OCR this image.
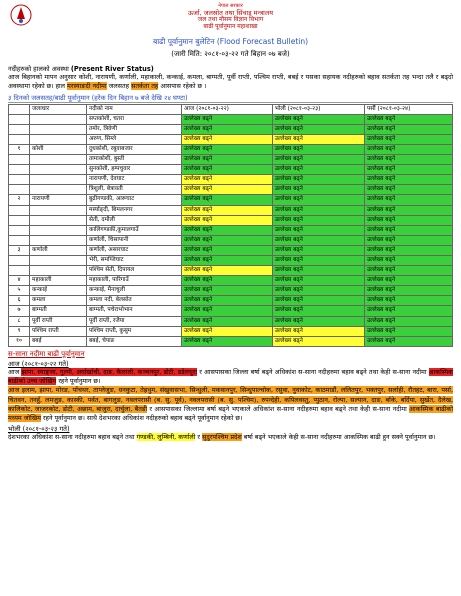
नेपाल सरकार
ऊर्जा, जलस्रोत तथा सिंचाइ मन्त्रालय
जल तथा मौसम विज्ञान विभाग
बाढी पूर्वानुमान महाशाखा
बाढी पूर्वानुमान बुलेटिन (Flood Forecast Bulletin)
(जारी मिति: २०८१-०३-२२ गते बिहान ०७ बजे)
नदीहरुको हालको अवस्था (Present River Status)
आज बिहानको मापन अनुसार कोशी, नारायणी, कर्णाली, महाकाली, कन्काई, कमला, बाग्मती, पूर्वी राप्ती, पश्चिम राप्ती, बबई र यसका सहायक नदीहरुको बहाव सतर्कता तह भन्दा तलै र बढ्दो अवस्थामा रहेको छ। हाल मरस्याङदी नदीमा जलसतह सतर्कता तह आसपास रहेको छ ।
३ दिनको जलसतह/बाढी पूर्वानुमान (हरेक दिन बिहान ७ बजे देखि २४ घण्टा)
	जलाधार	नदीको नाम	आज (२०८१-०३-२२)	भोली (२०८१-०३-२३)	पर्सी (२०८१-०३-२४)
		सप्तकोशी, चतरा	उल्लेख्य बढ्ने	उल्लेख्य बढ्ने	उल्लेख्य बढ्ने
		तमोर, त्रिवेणी	उल्लेख्य बढ्ने	उल्लेख्य बढ्ने	उल्लेख्य बढ्ने
		अरुण, सिम्ले	उल्लेख्य बढ्ने	उल्लेख्य बढ्ने	उल्लेख्य बढ्ने
१	कोशी	दुधकोशी, रबुवाबजार	उल्लेख्य बढ्ने	उल्लेख्य बढ्ने	उल्लेख्य बढ्ने
		तामाकोशी, बुस्ती	उल्लेख्य बढ्ने	उल्लेख्य बढ्ने	उल्लेख्य बढ्ने
		सुनकोशी, हम्पचुवार	उल्लेख्य बढ्ने	उल्लेख्य बढ्ने	उल्लेख्य बढ्ने
		नारायणी, देवघाट	उल्लेख्य बढ्ने	उल्लेख्य बढ्ने	उल्लेख्य बढ्ने
		त्रिशुली, बेत्रावती	उल्लेख्य बढ्ने	उल्लेख्य बढ्ने	उल्लेख्य बढ्ने
२	नारायणी	बुढीगण्डकी, आरूघाट	उल्लेख्य बढ्ने	उल्लेख्य बढ्ने	उल्लेख्य बढ्ने
		मर्स्याङ्दी, बिमलनगर	उल्लेख्य बढ्ने	उल्लेख्य बढ्ने	उल्लेख्य बढ्ने
		सेती, दमौली	उल्लेख्य बढ्ने	उल्लेख्य बढ्ने	उल्लेख्य बढ्ने
		कालिगण्डकी,कुमालगाउँ	उल्लेख्य बढ्ने	उल्लेख्य बढ्ने	उल्लेख्य बढ्ने
		कर्णाली, चिसापानी	उल्लेख्य बढ्ने	उल्लेख्य बढ्ने	उल्लेख्य बढ्ने
३	कर्णाली	कर्णाली, असारघाट	उल्लेख्य बढ्ने	उल्लेख्य बढ्ने	उल्लेख्य बढ्ने
		भेरी, समय्जिघाट	उल्लेख्य बढ्ने	उल्लेख्य बढ्ने	उल्लेख्य बढ्ने
		पश्चिम सेती, दिपायल	उल्लेख्य बढ्ने	उल्लेख्य बढ्ने	उल्लेख्य बढ्ने
४	महाकाली	महाकाली, पारिगाउँ	उल्लेख्य बढ्ने	उल्लेख्य बढ्ने	उल्लेख्य बढ्ने
५	कन्काई	कन्काई, मैनाचुली	उल्लेख्य बढ्ने	उल्लेख्य बढ्ने	उल्लेख्य बढ्ने
६	कमला	कमला नदी, बेलसोत	उल्लेख्य बढ्ने	उल्लेख्य बढ्ने	उल्लेख्य बढ्ने
७	बाग्मती	बाग्मती, पचेराभोभान	उल्लेख्य बढ्ने	उल्लेख्य बढ्ने	उल्लेख्य बढ्ने
८	पूर्वी राप्ती	पूर्वी राप्ती, रजैया	उल्लेख्य बढ्ने	उल्लेख्य बढ्ने	उल्लेख्य बढ्ने
९	पश्चिम राप्ती	पश्चिम राप्ती, कुसुम	उल्लेख्य बढ्ने	उल्लेख्य बढ्ने	उल्लेख्य बढ्ने
१०	बबई	बबई, चेपाङ	उल्लेख्य बढ्ने	उल्लेख्य बढ्ने	उल्लेख्य बढ्ने
स-साना नदीमा बाढी पूर्वानुमान
आज (२०८१-०३-२२ गते)
आज झापा, स्याङ्जा, गुल्मी, अर्घाखाँची, दाङ, कैलाली, कञ्चनपुर, डोटी, डडेलधुरा र आसपासका जिल्ला बर्षा बढ्ने अधिकांश स-साना नदीहरुमा बहाव बढ्ने तथा केही स-साना नदीमा आकस्मिक बाढीको उच्च जोखिम रहने पूर्वानुमान छ।
आज इलाम, झापा, मोरङ, पाँचथर, ताप्लेजुङ, धनकुटा, तेह्रथुम, संखुवासभा, सिन्धुली, मकवानपुर, सिन्धुपाल्चोक, रसुवा, नुवाकोट, काठमाडौं, ललितपुर, भक्तपुर, सर्लाही, रौतहट, बारा, पर्सा, चितवन, तनहुँ, लमजुङ, कास्की, पर्वत, बागलुङ, नवलपरासी (ब. सु. पूर्व), नवलपरासी (ब. सु. पश्चिम), रुपन्देही, कपिलवस्तु, प्युठान, रोल्पा, सल्यान, दाङ, बाँके, बर्दिया, सुर्खेत, दैलेख, कालिकोट, जाजरकोट, डोटी, अछाम, बाजुरा, दार्चुला, बैतडी र आसपासका जिल्लामा बर्षा बढ्ने भएकाले अधिकांश स-साना नदीहरुमा बहाव बढ्ने तथा केही स-साना नदीमा आकस्मिक बाढीको मध्यम जोखिम रहने पूर्वानुमान छ। साथै देशभरका अधिकांश नदीहरुको बहाव बढ्ने पूर्वानुमान रहेको छ।
भोली (२०८१-०३-२३ गते)
देशभरका अधिकांश स-साना नदीहरुमा बहाव बढ्ने तथा गण्डकी, लुम्बिनी, कर्णाली र सुदुरपश्चिम प्रदेश बर्षा बढ्ने भएकाले केही स-साना नदीहरुमा आकस्मिक बाढी हुन सक्ने पूर्वानुमान छ।
